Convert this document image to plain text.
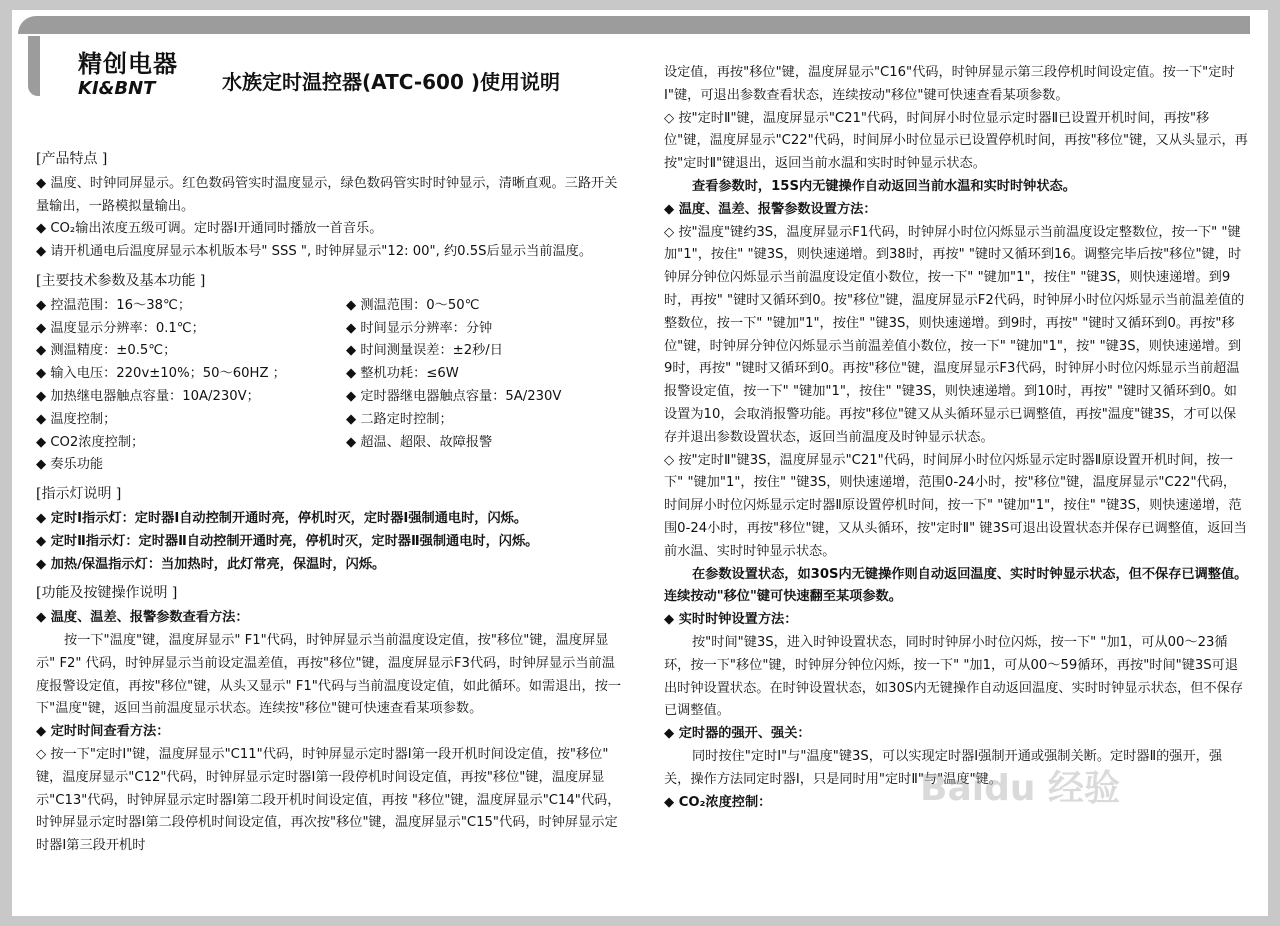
精创电器
KI&BNT	水族定时温控器(ATC-600 )使用说明

[产品特点 ]

◆ 温度、时钟同屏显示。红色数码管实时温度显示，绿色数码管实时时钟显示，清晰直观。三路开关量输出，一路模拟量输出。

◆ CO₂输出浓度五级可调。定时器Ⅰ开通同时播放一首音乐。

◆ 请开机通电后温度屏显示本机版本号" SSS ", 时钟屏显示"12: 00", 约0.5S后显示当前温度。

[主要技术参数及基本功能 ]

◆ 控温范围：16～38℃；	◆ 测温范围：0～50℃

◆ 温度显示分辨率：0.1℃；	◆ 时间显示分辨率：分钟

◆ 测温精度：±0.5℃；	◆ 时间测量误差：±2秒/日

◆ 输入电压：220v±10%；50～60HZ ；	◆ 整机功耗：≤6W

◆ 加热继电器触点容量：10A/230V；	◆ 定时器继电器触点容量：5A/230V

◆ 温度控制；	◆ 二路定时控制；

◆ CO2浓度控制；	◆ 超温、超限、故障报警

◆ 奏乐功能

[指示灯说明 ]

◆ 定时Ⅰ指示灯：定时器Ⅰ自动控制开通时亮，停机时灭，定时器Ⅰ强制通电时，闪烁。

◆ 定时Ⅱ指示灯：定时器Ⅱ自动控制开通时亮，停机时灭，定时器Ⅱ强制通电时，闪烁。

◆ 加热/保温指示灯：当加热时，此灯常亮，保温时，闪烁。

[功能及按键操作说明 ]

◆ 温度、温差、报警参数查看方法：

按一下"温度"键，温度屏显示" F1"代码，时钟屏显示当前温度设定值，按"移位"键，温度屏显示" F2" 代码，时钟屏显示当前设定温差值，再按"移位"键，温度屏显示F3代码，时钟屏显示当前温度报警设定值，再按"移位"键，从头又显示" F1"代码与当前温度设定值，如此循环。如需退出，按一下"温度"键，返回当前温度显示状态。连续按"移位"键可快速查看某项参数。

◆ 定时时间查看方法：

◇ 按一下"定时Ⅰ"键，温度屏显示"C11"代码，时钟屏显示定时器Ⅰ第一段开机时间设定值，按"移位" 键，温度屏显示"C12"代码，时钟屏显示定时器Ⅰ第一段停机时间设定值，再按"移位"键，温度屏显示"C13"代码，时钟屏显示定时器Ⅰ第二段开机时间设定值，再按 "移位"键，温度屏显示"C14"代码，时钟屏显示定时器Ⅰ第二段停机时间设定值，再次按"移位"键，温度屏显示"C15"代码，时钟屏显示定时器Ⅰ第三段开机时

设定值，再按"移位"键，温度屏显示"C16"代码，时钟屏显示第三段停机时间设定值。按一下"定时Ⅰ"键，可退出参数查看状态，连续按动"移位"键可快速查看某项参数。

◇ 按"定时Ⅱ"键，温度屏显示"C21"代码，时间屏小时位显示定时器Ⅱ已设置开机时间，再按"移位"键，温度屏显示"C22"代码，时间屏小时位显示已设置停机时间，再按"移位"键，又从头显示，再按"定时Ⅱ"键退出，返回当前水温和实时时钟显示状态。

查看参数时，15S内无键操作自动返回当前水温和实时时钟状态。

◆ 温度、温差、报警参数设置方法：

◇ 按"温度"键约3S，温度屏显示F1代码，时钟屏小时位闪烁显示当前温度设定整数位，按一下" "键加"1"，按住" "键3S，则快速递增。到38时，再按" "键时又循环到16。调整完毕后按"移位"键，时钟屏分钟位闪烁显示当前温度设定值小数位，按一下" "键加"1"，按住" "键3S，则快速递增。到9时，再按" "键时又循环到0。按"移位"键，温度屏显示F2代码，时钟屏小时位闪烁显示当前温差值的整数位，按一下" "键加"1"，按住" "键3S，则快速递增。到9时，再按" "键时又循环到0。再按"移位"键，时钟屏分钟位闪烁显示当前温差值小数位，按一下" "键加"1"，按" "键3S，则快速递增。到9时，再按" "键时又循环到0。再按"移位"键，温度屏显示F3代码，时钟屏小时位闪烁显示当前超温报警设定值，按一下" "键加"1"，按住" "键3S，则快速递增。到10时，再按" "键时又循环到0。如设置为10，会取消报警功能。再按"移位"键又从头循环显示已调整值，再按"温度"键3S，才可以保存并退出参数设置状态，返回当前温度及时钟显示状态。

◇ 按"定时Ⅱ"键3S，温度屏显示"C21"代码，时间屏小时位闪烁显示定时器Ⅱ原设置开机时间，按一下" "键加"1"，按住" "键3S，则快速递增，范围0-24小时，按"移位"键，温度屏显示"C22"代码，时间屏小时位闪烁显示定时器Ⅱ原设置停机时间，按一下" "键加"1"，按住" "键3S，则快速递增，范围0-24小时，再按"移位"键，又从头循环，按"定时Ⅱ" 键3S可退出设置状态并保存已调整值，返回当前水温、实时时钟显示状态。

在参数设置状态，如30S内无键操作则自动返回温度、实时时钟显示状态，但不保存已调整值。连续按动"移位"键可快速翻至某项参数。

◆ 实时时钟设置方法：

按"时间"键3S，进入时钟设置状态，同时时钟屏小时位闪烁，按一下" "加1，可从00～23循环，按一下"移位"键，时钟屏分钟位闪烁，按一下" "加1，可从00～59循环，再按"时间"键3S可退出时钟设置状态。在时钟设置状态，如30S内无键操作自动返回温度、实时时钟显示状态，但不保存已调整值。

◆ 定时器的强开、强关：

同时按住"定时Ⅰ"与"温度"键3S，可以实现定时器Ⅰ强制开通或强制关断。定时器Ⅱ的强开，强关，操作方法同定时器Ⅰ，只是同时用"定时Ⅱ"与"温度"键。

◆ CO₂浓度控制：	Baidu 经验
